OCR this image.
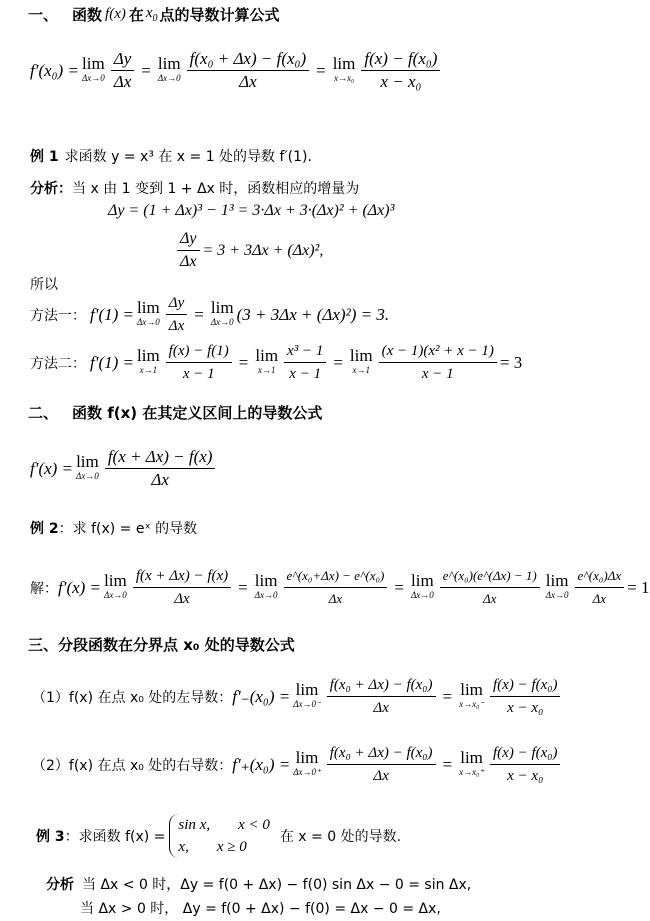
一、 函数 f(x) 在 $x_0$ 点的导数计算公式
f′(x₀) = lim
$\Delta x\to 0 \frac{\Delta y}{\Delta x} = \lim$
$\Delta x\to 0 \frac{\text{f(x₀ + Δx) − f(x₀)}}{\Delta x} = \lim$
$x\to x_0 \frac{\text{f(x) − f(x₀)}}{\text{x − x₀}}$
例 1 求函数 y = x³ 在 x = 1 处的导数 f′(1).
分析： 当 x 由 1 变到 1 + Δx 时，函数相应的增量为
Δy = (1 + Δx)³ − 1³ = 3·Δx + 3·(Δx)² + (Δx)³
$\frac{\Delta y}{\Delta x} = 3 + 3\Delta x + (\Delta x)^2$,
所以
方法一： f′(1) = lim
$\Delta x\to 0 \frac{\Delta y}{\Delta x} = \lim$
Δx→0 (3 + 3Δx + (Δx)²) = 3.
方法二： f′(1) = lim
$x\to 1 \frac{f(x) - f(1)}{x - 1} = \lim$
$x\to 1 \frac{\text{x³ − 1}}{x - 1} = \lim$
$x\to 1 \frac{\text{(x − 1)(x² + x − 1)}}{x - 1} = 3$
二、 函数 f(x) 在其定义区间上的导数公式
f′(x) = lim
$\Delta x\to 0 \frac{f(x + \Delta x) - f(x)}{\Delta x}$
例 2 ：求 f(x) = eˣ 的导数
解： f′(x) = lim
$\Delta x\to 0 \frac{f(x + \Delta x) - f(x)}{\Delta x} = \lim$
$\Delta x\to 0 \frac{\text{e\textasciicircum{}(x₀+Δx) − e\textasciicircum{}(x₀)}}{\Delta x} = \lim$
$\Delta x\to 0 \frac{\text{e\textasciicircum{}(x₀)(e\textasciicircum{}(Δx) − 1)}}{\Delta x}$ lim
$\Delta x\to 0 \frac{\text{e\textasciicircum{}(x₀)Δx}}{\Delta x} = 1$
三、分段函数在分界点 x₀ 处的导数公式
（1）f(x) 在点 x₀ 处的左导数： f′₋(x₀) = lim
$\Delta x\to 0^- \frac{\text{f(x₀ + Δx) − f(x₀)}}{\Delta x} = \lim$
$x\to x_0^- \frac{\text{f(x) − f(x₀)}}{\text{x − x₀}}$
（2）f(x) 在点 x₀ 处的右导数： f′₊(x₀) = lim
$\Delta x\to 0^+ \frac{\text{f(x₀ + Δx) − f(x₀)}}{\Delta x} = \lim$
$x\to x_0^+ \frac{\text{f(x) − f(x₀)}}{\text{x − x₀}}$
例 3 ：求函数 f(x) =
sin x, x < 0
x, x ≥ 0
在 x = 0 处的导数.
分析 当 Δx < 0 时，Δy = f(0 + Δx) − f(0) sin Δx − 0 = sin Δx,
当 Δx > 0 时， Δy = f(0 + Δx) − f(0) = Δx − 0 = Δx,
